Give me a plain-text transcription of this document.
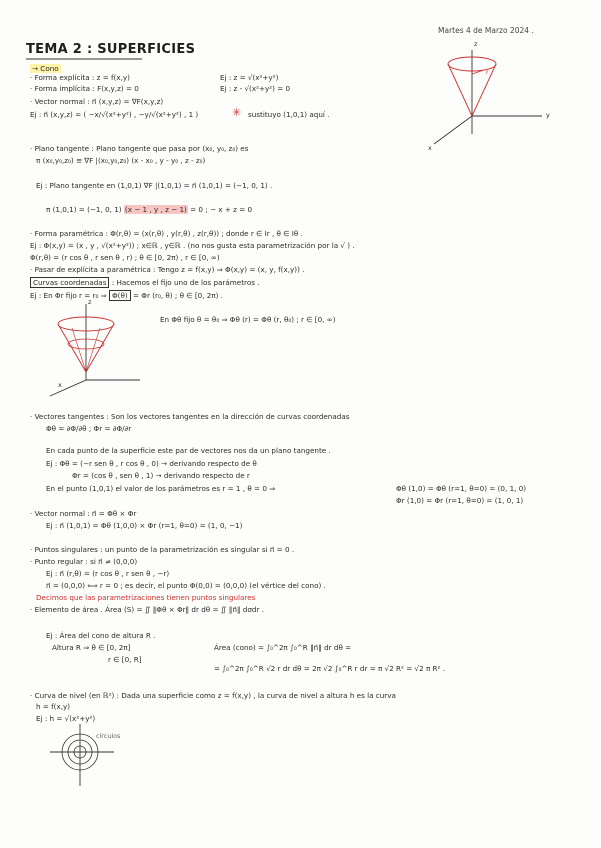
Martes 4 de Marzo 2024 .
TEMA 2 : SUPERFICIES
→ Cono
· Forma explícita : z = f(x,y)	Ej : z = √(x²+y²)
· Forma implícita : F(x,y,z) = 0	Ej : z - √(x²+y²) = 0
· Vector normal : n⃗ (x,y,z) = ∇F(x,y,z)
Ej : n⃗ (x,y,z) = ( −x/√(x²+y²) , −y/√(x²+y²) , 1 )	✳ sustituyo (1,0,1) aquí .
z
y
x
r
· Plano tangente : Plano tangente que pasa por (x₀, y₀, z₀) es
π (x₀,y₀,z₀) ≡ ∇F |(x₀,y₀,z₀) (x - x₀ , y - y₀ , z - z₀)
Ej : Plano tangente en (1,0,1) ∇F |(1,0,1) = n⃗ (1,0,1) = (−1, 0, 1) .
π (1,0,1) = (−1, 0, 1) (x − 1 , y , z − 1) = 0 ; − x + z = 0
· Forma paramétrica : Φ(r,θ) = (x(r,θ) , y(r,θ) , z(r,θ)) ; donde r ∈ Ir , θ ∈ Iθ .
Ej : Φ(x,y) = (x , y , √(x²+y²)) ; x∈ℝ , y∈ℝ . (no nos gusta esta parametrización por la √ ) .
Φ(r,θ) = (r cos θ , r sen θ , r) ; θ ∈ [0, 2π) , r ∈ [0, ∞)
· Pasar de explícita a paramétrica : Tengo z = f(x,y) ⇒ Φ(x,y) = (x, y, f(x,y)) .
Curvas coordenadas : Hacemos el fijo uno de los parámetros .
Ej : En Φr fijo r = r₀ ⇒ Φ(θ) = Φr (r₀, θ) ; θ ∈ [0, 2π) .
En Φθ fijo θ = θ₀ ⇒ Φθ (r) = Φθ (r, θ₀) ; r ∈ [0, ∞)
z
x
· Vectores tangentes : Son los vectores tangentes en la dirección de curvas coordenadas
Φθ = ∂Φ/∂θ ; Φr = ∂Φ/∂r
En cada punto de la superficie este par de vectores nos da un plano tangente .
Ej : Φθ = (−r sen θ , r cos θ , 0) → derivando respecto de θ
Φr = (cos θ , sen θ , 1) → derivando respecto de r
En el punto (1,0,1) el valor de los parámetros es r = 1 , θ = 0 ⇒	Φθ (1,0) = Φθ (r=1, θ=0) = (0, 1, 0)
Φr (1,0) = Φr (r=1, θ=0) = (1, 0, 1)
· Vector normal : n⃗ = Φθ × Φr
Ej : n⃗ (1,0,1) = Φθ (1,0,0) × Φr (r=1, θ=0) = (1, 0, −1)
· Puntos singulares : un punto de la parametrización es singular si n⃗ = 0 .
· Punto regular : si n⃗ ≠ (0,0,0)
Ej : n⃗ (r,θ) = (r cos θ , r sen θ , −r)
n⃗ = (0,0,0) ⟺ r = 0 ; es decir, el punto Φ(0,0) = (0,0,0) (el vértice del cono) .
Decimos que las parametrizaciones tienen puntos singulares
· Elemento de área . Área (S) = ∬ ‖Φθ × Φr‖ dr dθ = ∬ ‖n⃗‖ dσdr .
Ej : Área del cono de altura R .
Altura R ⇒ θ ∈ [0, 2π]
r ∈ [0, R]
Área (cono) = ∫₀^2π ∫₀^R ‖n⃗‖ dr dθ =
= ∫₀^2π ∫₀^R √2 r dr dθ = 2π √2 ∫₀^R r dr = π √2 R² = √2 π R² .
· Curva de nivel (en ℝ²) : Dada una superficie como z = f(x,y) , la curva de nivel a altura h es la curva
h = f(x,y)
Ej : h = √(x²+y²)
círculos
